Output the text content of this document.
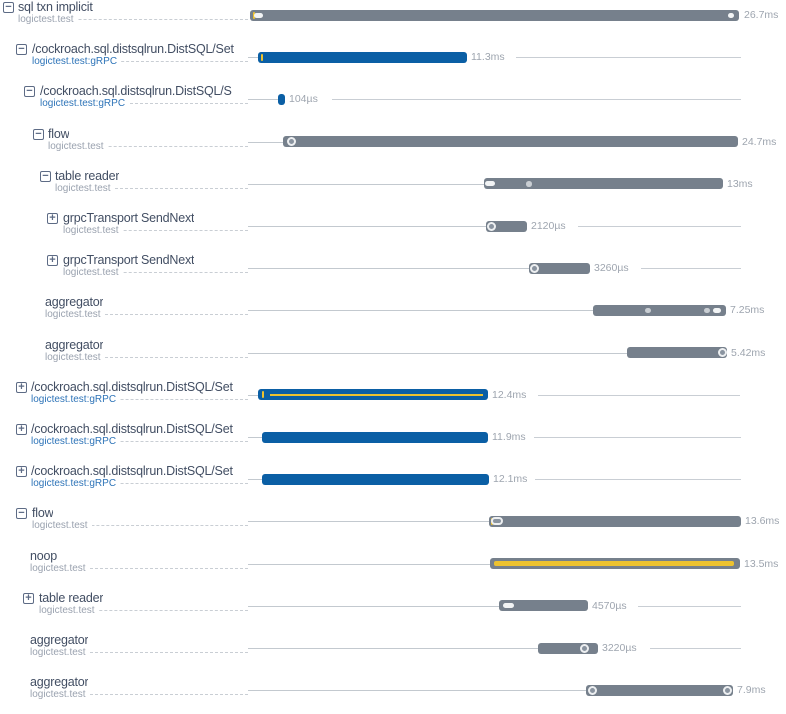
− sql txn implicit
logictest.test	26.7ms
− /cockroach.sql.distsqlrun.DistSQL/Set
logictest.test:gRPC	11.3ms
− /cockroach.sql.distsqlrun.DistSQL/S
logictest.test:gRPC	104µs
− flow
logictest.test	24.7ms
− table reader
logictest.test	13ms
+ grpcTransport SendNext
logictest.test	2120µs
+ grpcTransport SendNext
logictest.test	3260µs
aggregator
logictest.test	7.25ms
aggregator
logictest.test	5.42ms
+ /cockroach.sql.distsqlrun.DistSQL/Set
logictest.test:gRPC	12.4ms
+ /cockroach.sql.distsqlrun.DistSQL/Set
logictest.test:gRPC	11.9ms
+ /cockroach.sql.distsqlrun.DistSQL/Set
logictest.test:gRPC	12.1ms
− flow
logictest.test	13.6ms
noop
logictest.test	13.5ms
+ table reader
logictest.test	4570µs
aggregator
logictest.test	3220µs
aggregator
logictest.test	7.9ms
